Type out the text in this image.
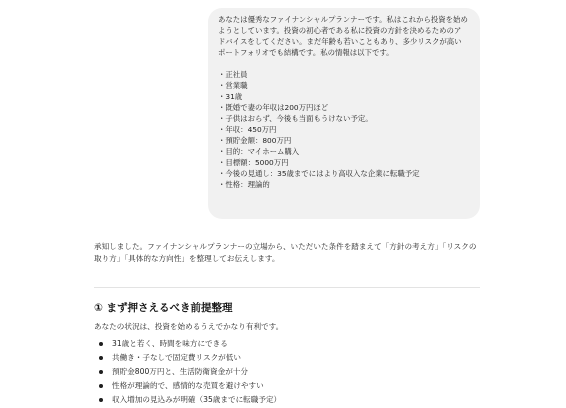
あなたは優秀なファイナンシャルプランナーです。私はこれから投資を始めようとしています。投資の初心者である私に投資の方針を決めるためのアドバイスをしてください。まだ年齢も若いこともあり、多少リスクが高いポートフォリオでも結構です。私の情報は以下です。

・正社員
・営業職
・31歳
・既婚で妻の年収は200万円ほど
・子供はおらず、今後も当面もうけない予定。
・年収：450万円
・預貯金額：800万円
・目的：マイホーム購入
・目標額：5000万円
・今後の見通し：35歳までにはより高収入な企業に転職予定
・性格：理論的

承知しました。ファイナンシャルプランナーの立場から、いただいた条件を踏まえて「方針の考え方」「リスクの取り方」「具体的な方向性」を整理してお伝えします。

① まず押さえるべき前提整理

あなたの状況は、投資を始めるうえでかなり有利です。

31歳と若く、時間を味方にできる
共働き・子なしで固定費リスクが低い
預貯金800万円と、生活防衛資金が十分
性格が理論的で、感情的な売買を避けやすい
収入増加の見込みが明確（35歳までに転職予定）
